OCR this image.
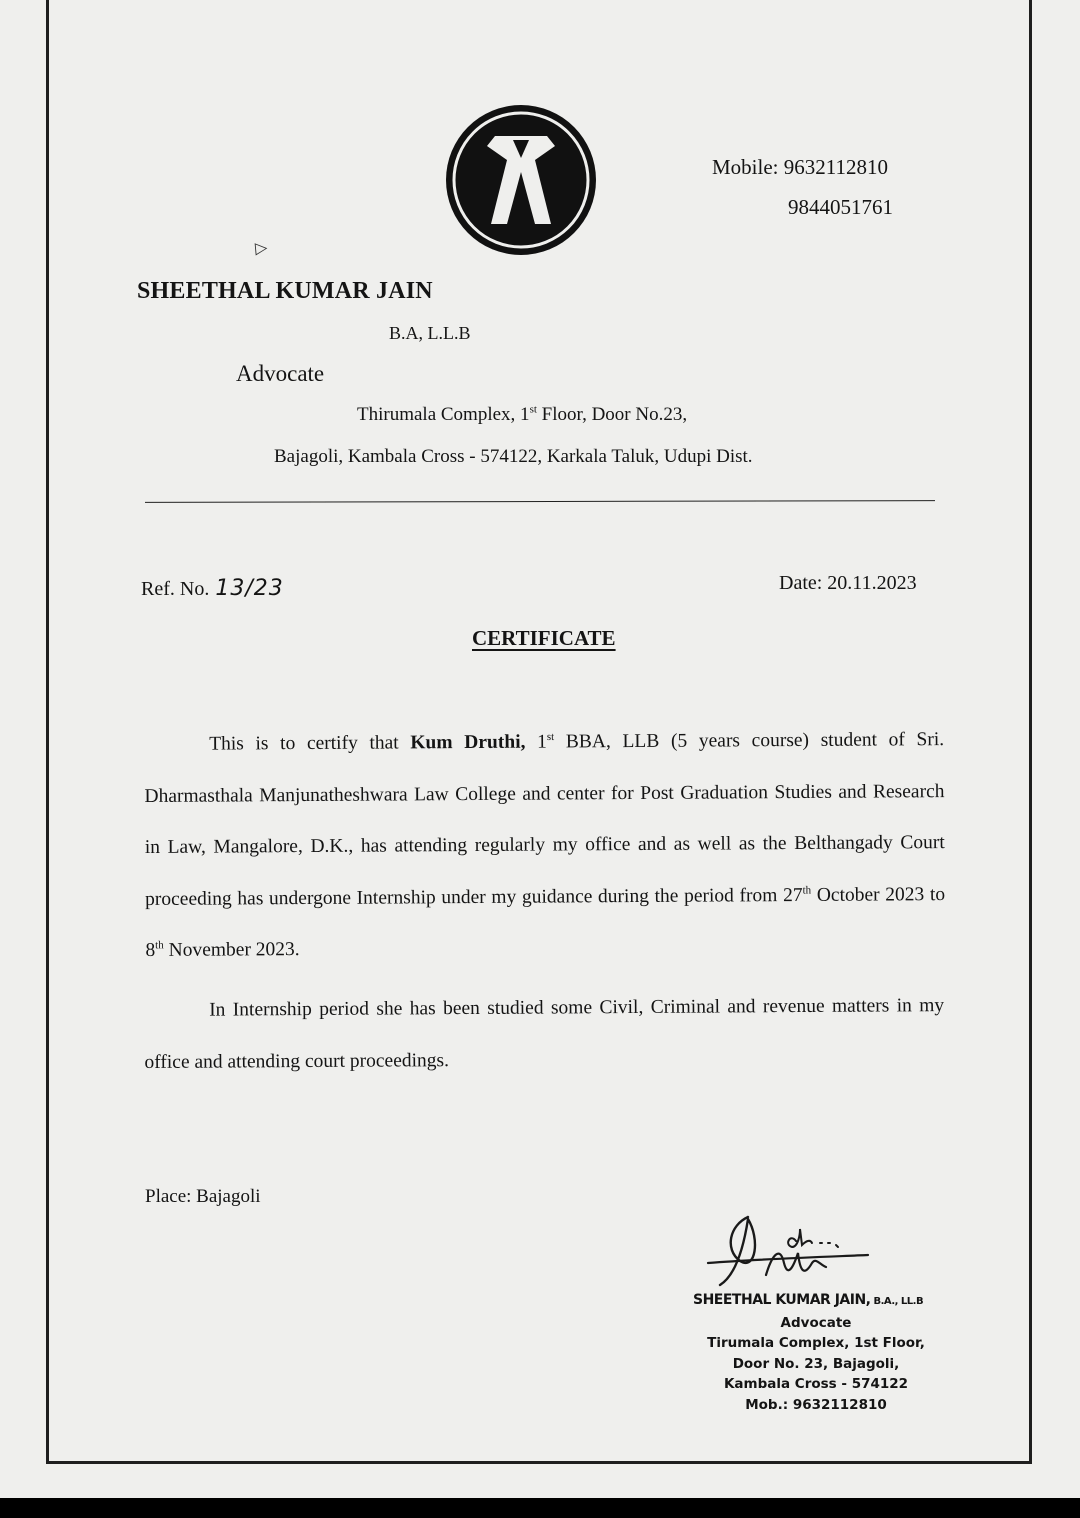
Mobile: 9632112810
9844051761
▷
SHEETHAL KUMAR JAIN
B.A, L.L.B
Advocate
Thirumala Complex, 1st Floor, Door No.23,
Bajagoli, Kambala Cross - 574122, Karkala Taluk, Udupi Dist.
Ref. No. 13/23	Date: 20.11.2023
CERTIFICATE
This is to certify that Kum Druthi, 1st BBA, LLB (5 years course) student of Sri. Dharmasthala Manjunatheshwara Law College and center for Post Graduation Studies and Research in Law, Mangalore, D.K., has attending regularly my office and as well as the Belthangady Court proceeding has undergone Internship under my guidance during the period from 27th October 2023 to 8th November 2023.
In Internship period she has been studied some Civil, Criminal and revenue matters in my office and attending court proceedings.
Place: Bajagoli
SHEETHAL KUMAR JAIN, B.A., LL.B
Advocate
Tirumala Complex, 1st Floor,
Door No. 23, Bajagoli,
Kambala Cross - 574122
Mob.: 9632112810
